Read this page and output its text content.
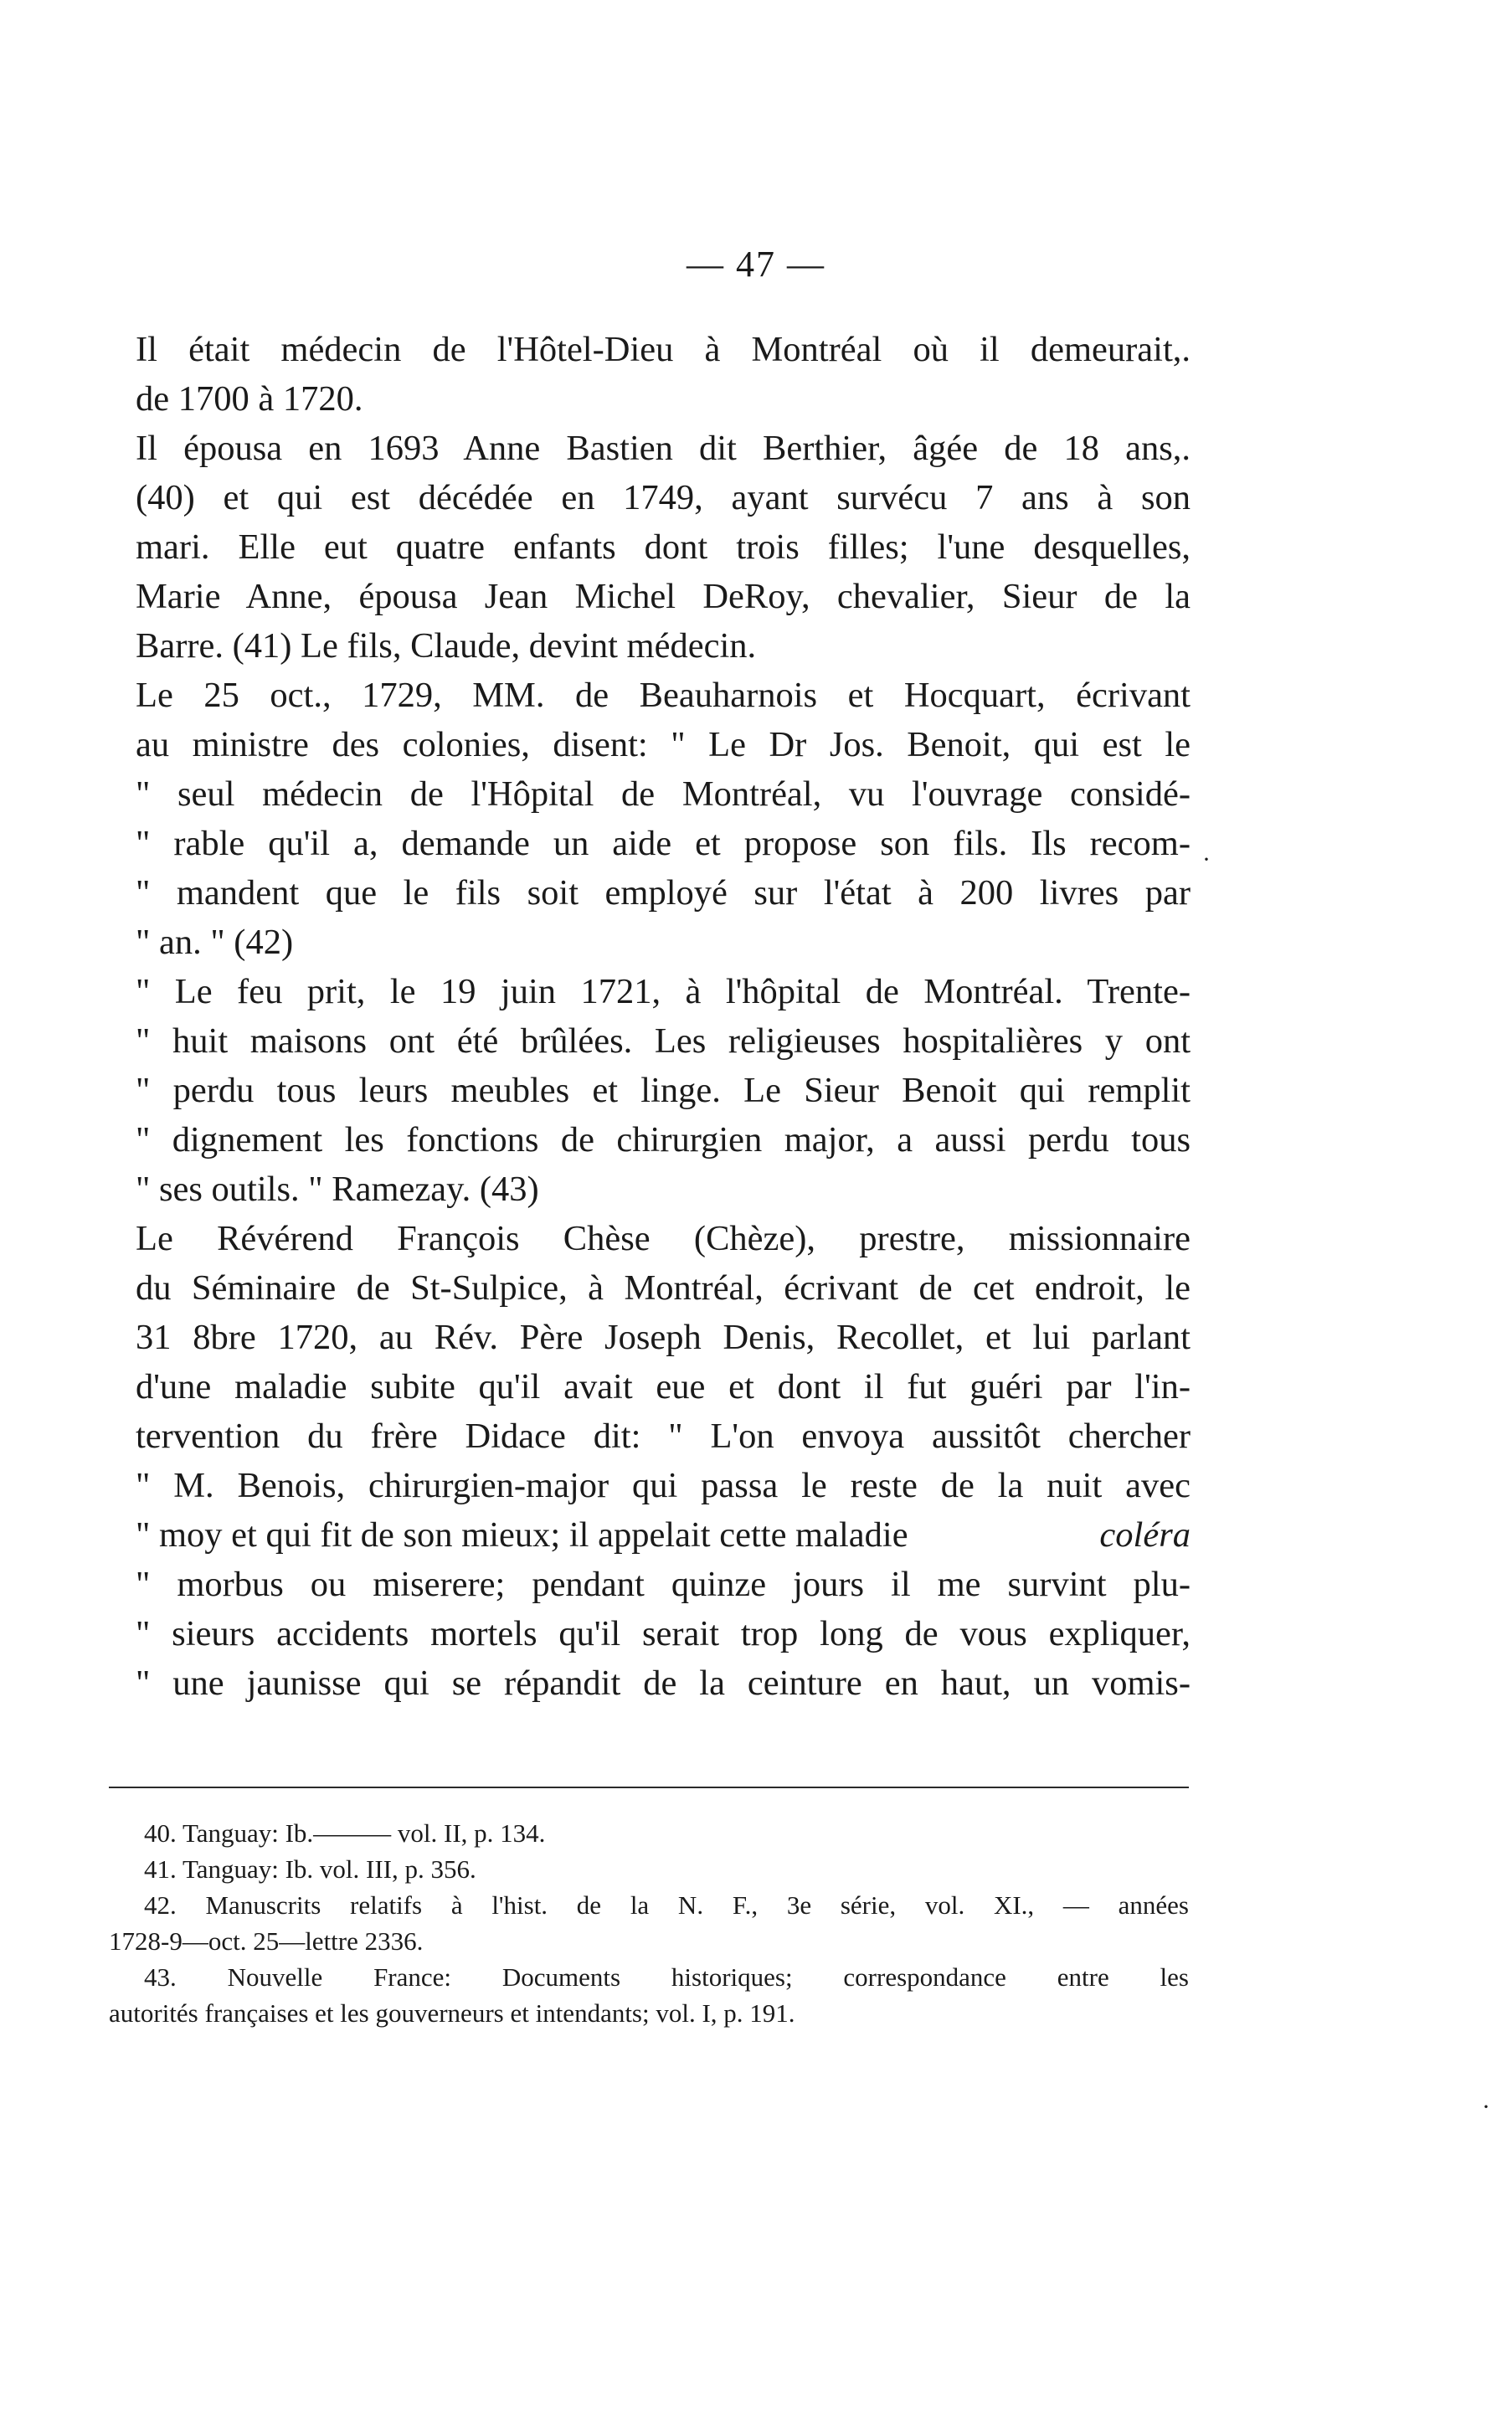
— 47 —
Il était médecin de l'Hôtel-Dieu à Montréal où il demeurait,.
de 1700 à 1720.
Il épousa en 1693 Anne Bastien dit Berthier, âgée de 18 ans,.
(40) et qui est décédée en 1749, ayant survécu 7 ans à son
mari. Elle eut quatre enfants dont trois filles; l'une desquelles,
Marie Anne, épousa Jean Michel DeRoy, chevalier, Sieur de la
Barre. (41) Le fils, Claude, devint médecin.
Le 25 oct., 1729, MM. de Beauharnois et Hocquart, écrivant
au ministre des colonies, disent: " Le Dr Jos. Benoit, qui est le
" seul médecin de l'Hôpital de Montréal, vu l'ouvrage considé-
" rable qu'il a, demande un aide et propose son fils. Ils recom-
" mandent que le fils soit employé sur l'état à 200 livres par
" an. " (42)
" Le feu prit, le 19 juin 1721, à l'hôpital de Montréal. Trente-
" huit maisons ont été brûlées. Les religieuses hospitalières y ont
" perdu tous leurs meubles et linge. Le Sieur Benoit qui remplit
" dignement les fonctions de chirurgien major, a aussi perdu tous
" ses outils. " Ramezay. (43)
Le Révérend François Chèse (Chèze), prestre, missionnaire
du Séminaire de St-Sulpice, à Montréal, écrivant de cet endroit, le
31 8bre 1720, au Rév. Père Joseph Denis, Recollet, et lui parlant
d'une maladie subite qu'il avait eue et dont il fut guéri par l'in-
tervention du frère Didace dit: " L'on envoya aussitôt chercher
" M. Benois, chirurgien-major qui passa le reste de la nuit avec
" moy et qui fit de son mieux; il appelait cette maladie	coléra
" morbus ou miserere; pendant quinze jours il me survint plu-
" sieurs accidents mortels qu'il serait trop long de vous expliquer,
" une jaunisse qui se répandit de la ceinture en haut, un vomis-
40. Tanguay: Ib.——— vol. II, p. 134.
41. Tanguay: Ib. vol. III, p. 356.
42. Manuscrits relatifs à l'hist. de la N. F., 3e série, vol. XI., — années
1728-9—oct. 25—lettre 2336.
43. Nouvelle France: Documents historiques; correspondance entre les
autorités françaises et les gouverneurs et intendants; vol. I, p. 191.
·
·
